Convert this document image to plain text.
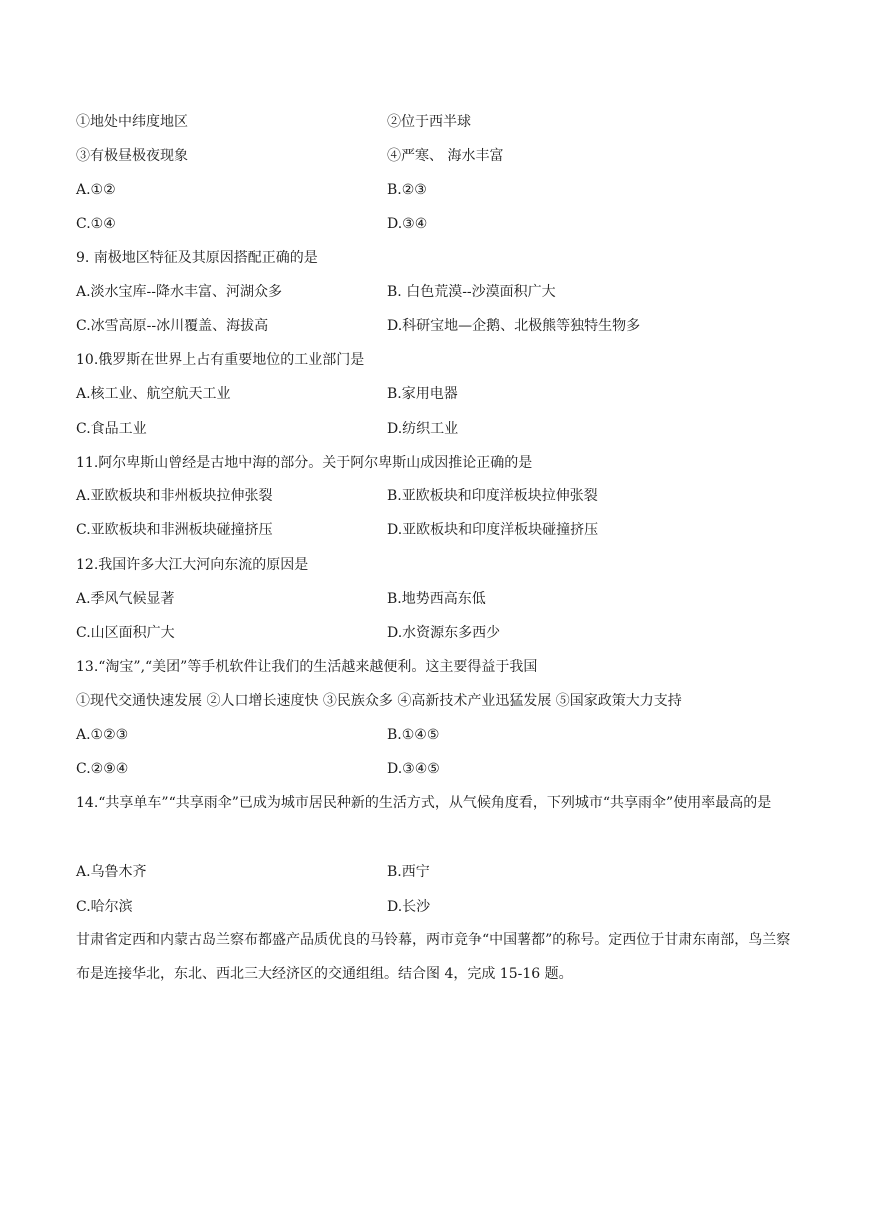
①地处中纬度地区	②位于西半球
③有极昼极夜现象	④严寒、 海水丰富
A.①②	B.②③
C.①④	D.③④
9. 南极地区特征及其原因搭配正确的是
A.淡水宝库--降水丰富、河湖众多	B. 白色荒漠--沙漠面积广大
C.冰雪高原--冰川覆盖、海拔高	D.科研宝地—企鹅、北极熊等独特生物多
10.俄罗斯在世界上占有重要地位的工业部门是
A.核工业、航空航天工业	B.家用电器
C.食品工业	D.纺织工业
11.阿尔卑斯山曾经是古地中海的部分。关于阿尔卑斯山成因推论正确的是
A.亚欧板块和非州板块拉伸张裂	B.亚欧板块和印度洋板块拉伸张裂
C.亚欧板块和非洲板块碰撞挤压	D.亚欧板块和印度洋板块碰撞挤压
12.我国许多大江大河向东流的原因是
A.季风气候显著	B.地势西高东低
C.山区面积广大	D.水资源东多西少
13.“淘宝”,“美团”等手机软件让我们的生活越来越便利。这主要得益于我国
①现代交通快速发展 ②人口增长速度快 ③民族众多 ④高新技术产业迅猛发展 ⑤国家政策大力支持
A.①②③	B.①④⑤
C.②⑨④	D.③④⑤
14.“共享单车”“共享雨伞”已成为城市居民种新的生活方式，从气候角度看，下列城市“共享雨伞”使用率最高的是
A.乌鲁木齐	B.西宁
C.哈尔滨	D.长沙
甘肃省定西和内蒙古岛兰察布都盛产品质优良的马铃幕，两市竞争“中国薯都”的称号。定西位于甘肃东南部，鸟兰察布是连接华北，东北、西北三大经济区的交通组组。结合图 4，完成 15-16 题。
